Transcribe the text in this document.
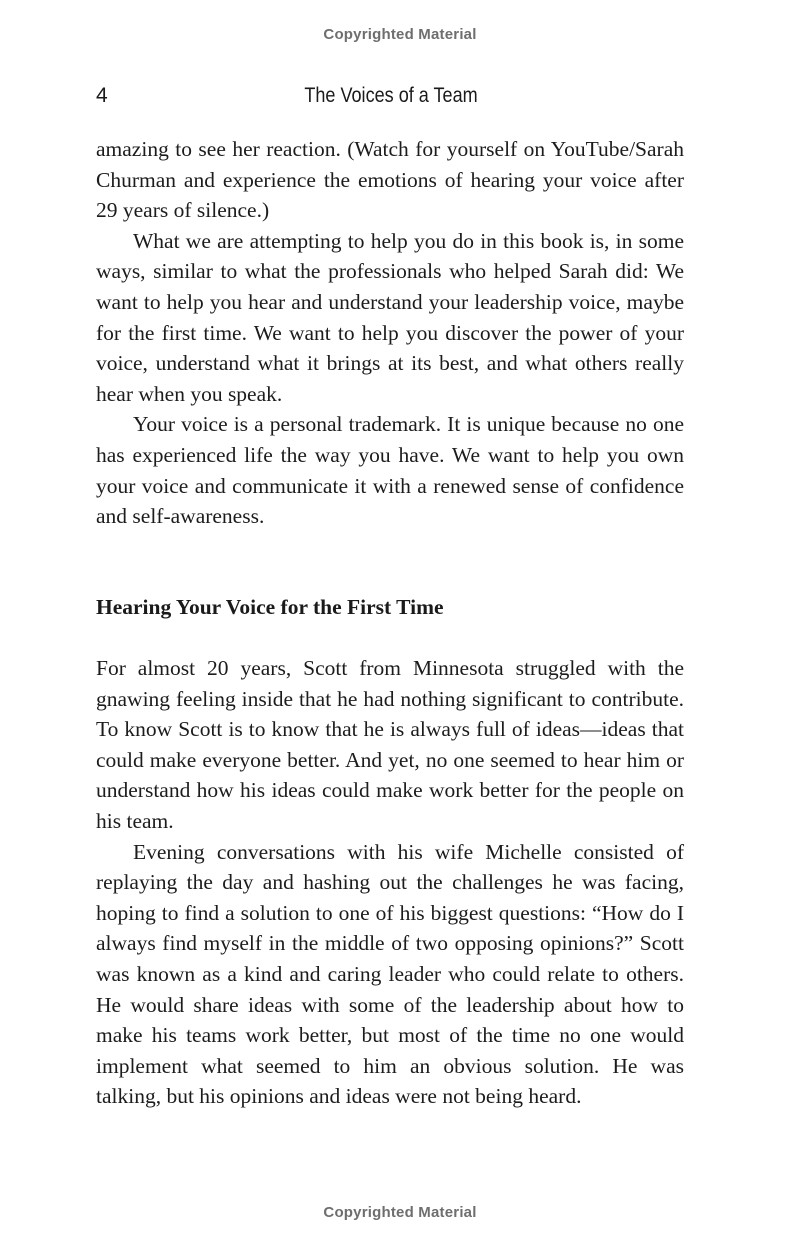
Copyrighted Material
4	The Voices of a Team

amazing to see her reaction. (Watch for yourself on YouTube/Sarah Churman and experience the emotions of hearing your voice after 29 years of silence.)

What we are attempting to help you do in this book is, in some ways, similar to what the professionals who helped Sarah did: We want to help you hear and understand your leadership voice, maybe for the first time. We want to help you discover the power of your voice, understand what it brings at its best, and what others really hear when you speak.

Your voice is a personal trademark. It is unique because no one has experienced life the way you have. We want to help you own your voice and communicate it with a renewed sense of confidence and self-awareness.

Hearing Your Voice for the First Time

For almost 20 years, Scott from Minnesota struggled with the gnawing feeling inside that he had nothing significant to contribute. To know Scott is to know that he is always full of ideas—ideas that could make everyone better. And yet, no one seemed to hear him or understand how his ideas could make work better for the people on his team.

Evening conversations with his wife Michelle consisted of replaying the day and hashing out the challenges he was facing, hoping to find a solution to one of his biggest questions: “How do I always find myself in the middle of two opposing opinions?” Scott was known as a kind and caring leader who could relate to others. He would share ideas with some of the leadership about how to make his teams work better, but most of the time no one would implement what seemed to him an obvious solution. He was talking, but his opinions and ideas were not being heard.

Copyrighted Material
